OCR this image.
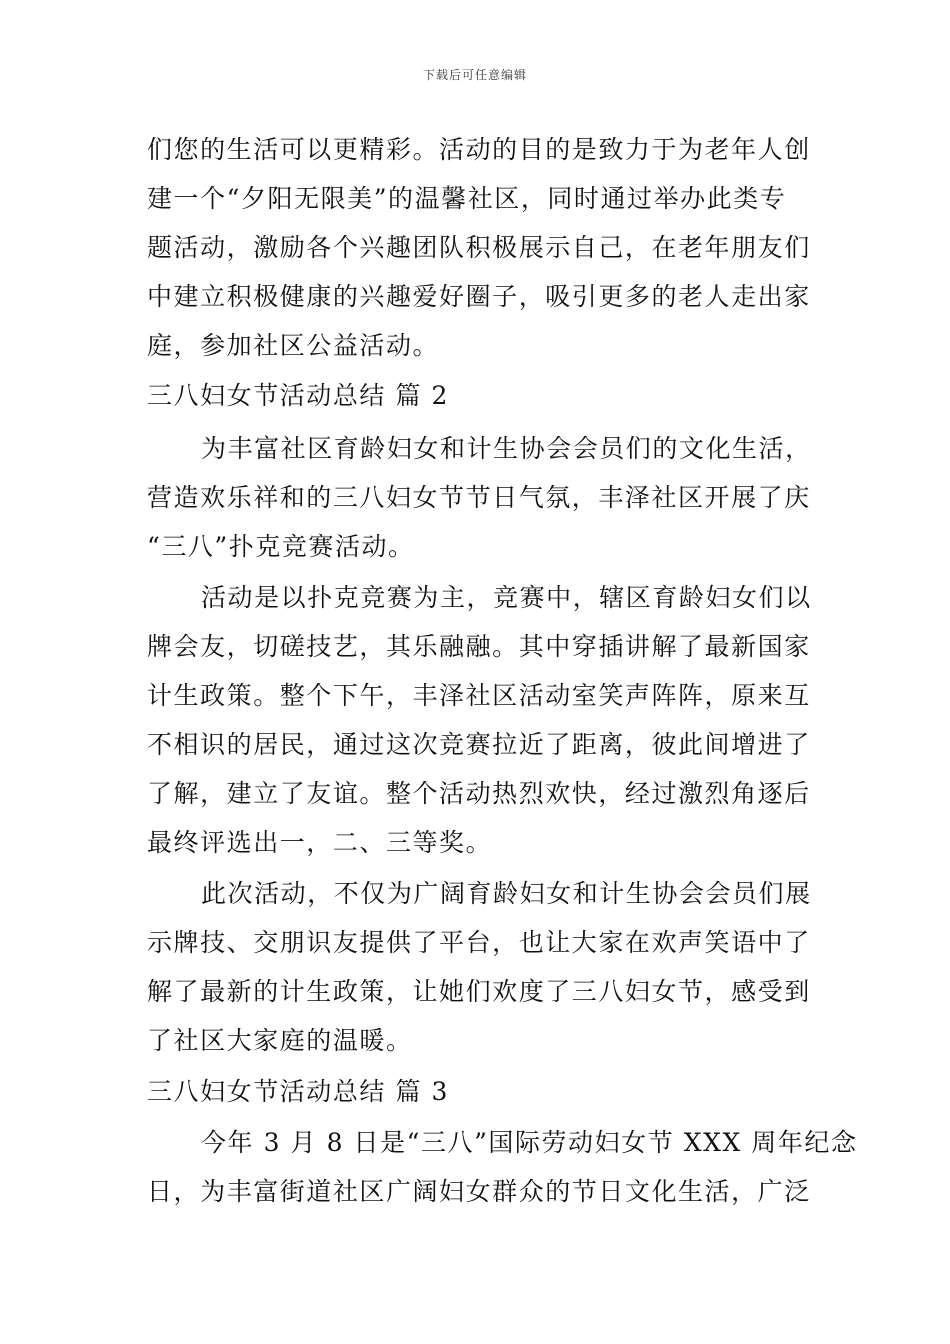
下载后可任意编辑
们您的生活可以更精彩。活动的目的是致力于为老年人创
建一个“夕阳无限美”的温馨社区，同时通过举办此类专
题活动，激励各个兴趣团队积极展示自己，在老年朋友们
中建立积极健康的兴趣爱好圈子，吸引更多的老人走出家
庭，参加社区公益活动。
三八妇女节活动总结 篇 2
为丰富社区育龄妇女和计生协会会员们的文化生活，
营造欢乐祥和的三八妇女节节日气氛，丰泽社区开展了庆
“三八”扑克竞赛活动。
活动是以扑克竞赛为主，竞赛中，辖区育龄妇女们以
牌会友，切磋技艺，其乐融融。其中穿插讲解了最新国家
计生政策。整个下午，丰泽社区活动室笑声阵阵，原来互
不相识的居民，通过这次竞赛拉近了距离，彼此间增进了
了解，建立了友谊。整个活动热烈欢快，经过激烈角逐后
最终评选出一，二、三等奖。
此次活动，不仅为广阔育龄妇女和计生协会会员们展
示牌技、交朋识友提供了平台，也让大家在欢声笑语中了
解了最新的计生政策，让她们欢度了三八妇女节，感受到
了社区大家庭的温暖。
三八妇女节活动总结 篇 3
今年 3 月 8 日是“三八”国际劳动妇女节 XXX 周年纪念
日，为丰富街道社区广阔妇女群众的节日文化生活，广泛
